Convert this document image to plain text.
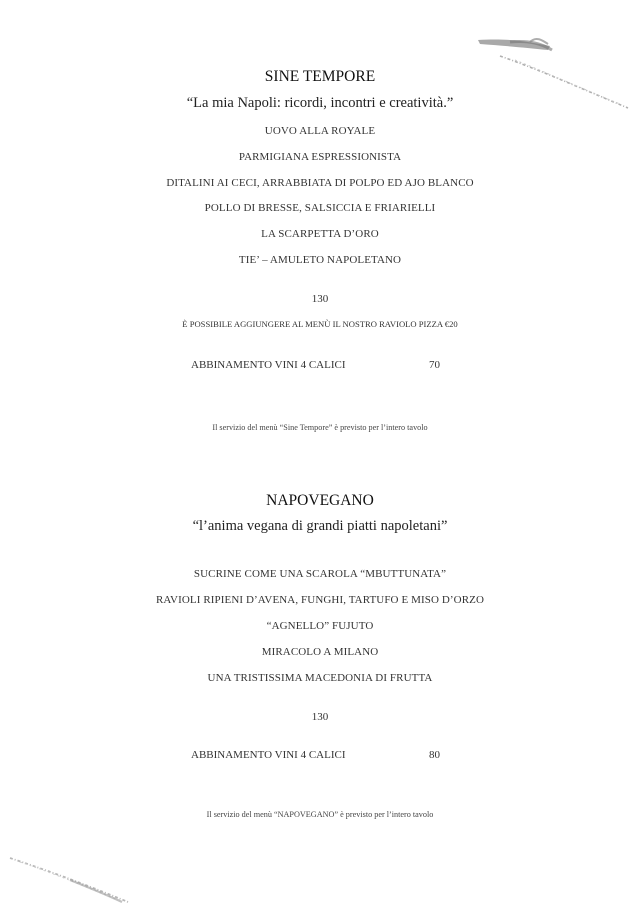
SINE TEMPORE
“La mia Napoli: ricordi, incontri e creatività.”
UOVO ALLA ROYALE
PARMIGIANA ESPRESSIONISTA
DITALINI AI CECI, ARRABBIATA DI POLPO ED AJO BLANCO
POLLO DI BRESSE, SALSICCIA E FRIARIELLI
LA SCARPETTA D’ORO
TIE’ – AMULETO NAPOLETANO
130
È POSSIBILE AGGIUNGERE AL MENÙ IL NOSTRO RAVIOLO PIZZA €20
ABBINAMENTO VINI 4 CALICI	70
Il servizio del menù “Sine Tempore” è previsto per l’intero tavolo
NAPOVEGANO
“l’anima vegana di grandi piatti napoletani”
SUCRINE COME UNA SCAROLA “MBUTTUNATA”
RAVIOLI RIPIENI D’AVENA, FUNGHI, TARTUFO E MISO D’ORZO
“AGNELLO” FUJUTO
MIRACOLO A MILANO
UNA TRISTISSIMA MACEDONIA DI FRUTTA
130
ABBINAMENTO VINI 4 CALICI	80
Il servizio del menù “NAPOVEGANO” è previsto per l’intero tavolo
